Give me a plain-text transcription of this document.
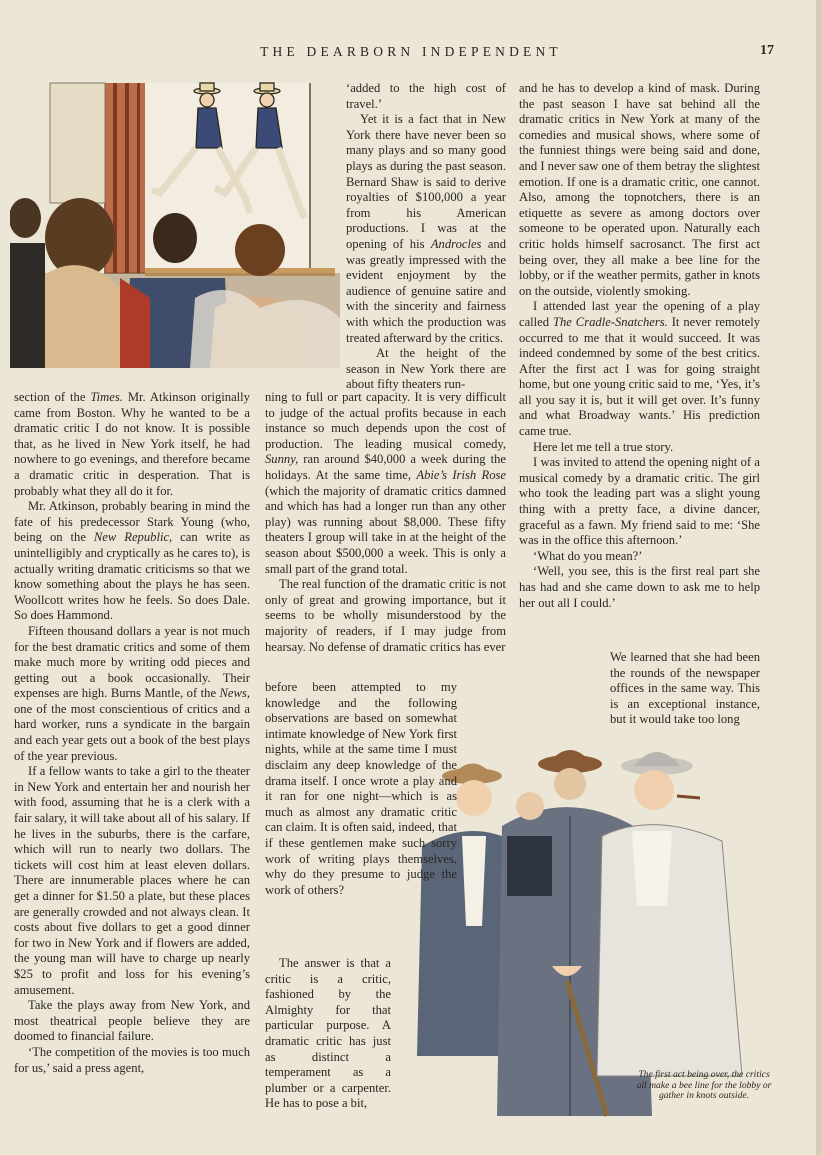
THE DEARBORN INDEPENDENT	17

‘added to the high cost of travel.’

Yet it is a fact that in New York there have never been so many plays and so many good plays as during the past season. Bernard Shaw is said to derive royalties of $100,000 a year from his American productions. I was at the opening of his Androcles and was greatly impressed with the evident enjoyment by the audience of genuine satire and with the sincerity and fairness with which the production was treated afterward by the critics.

At the height of the season in New York there are about fifty theaters run-

section of the Times. Mr. Atkinson originally came from Boston. Why he wanted to be a dramatic critic I do not know. It is possible that, as he lived in New York itself, he had nowhere to go evenings, and therefore became a dramatic critic in desperation. That is probably what they all do it for.

Mr. Atkinson, probably bearing in mind the fate of his predecessor Stark Young (who, being on the New Republic, can write as unintelligibly and cryptically as he cares to), is actually writing dramatic criticisms so that we know something about the plays he has seen. Woollcott writes how he feels. So does Dale. So does Hammond.

Fifteen thousand dollars a year is not much for the best dramatic critics and some of them make much more by writing odd pieces and getting out a book occasionally. Their expenses are high. Burns Mantle, of the News, one of the most conscientious of critics and a hard worker, runs a syndicate in the bargain and each year gets out a book of the best plays of the year previous.

If a fellow wants to take a girl to the theater in New York and entertain her and nourish her with food, assuming that he is a clerk with a fair salary, it will take about all of his salary. If he lives in the suburbs, there is the carfare, which will run to nearly two dollars. The tickets will cost him at least eleven dollars. There are innumerable places where he can get a dinner for $1.50 a plate, but these places are generally crowded and not always clean. It costs about five dollars to get a good dinner for two in New York and if flowers are added, the young man will have to charge up nearly $25 to profit and loss for his evening’s amusement.

Take the plays away from New York, and most theatrical people believe they are doomed to financial failure.

‘The competition of the movies is too much for us,’ said a press agent,

ning to full or part capacity. It is very difficult to judge of the actual profits because in each instance so much depends upon the cost of production. The leading musical comedy, Sunny, ran around $40,000 a week during the holidays. At the same time, Abie’s Irish Rose (which the majority of dramatic critics damned and which has had a longer run than any other play) was running about $8,000. These fifty theaters I group will take in at the height of the season about $500,000 a week. This is only a small part of the grand total.

The real function of the dramatic critic is not only of great and growing importance, but it seems to be wholly misunderstood by the majority of readers, if I may judge from hearsay. No defense of dramatic critics has ever

before been attempted to my knowledge and the following observations are based on somewhat intimate knowledge of New York first nights, while at the same time I must disclaim any deep knowledge of the drama itself. I once wrote a play and it ran for one night—which is as much as almost any dramatic critic can claim. It is often said, indeed, that if these gentlemen make such sorry work of writing plays themselves, why do they presume to judge the work of others?

The answer is that a critic is a critic, fashioned by the Almighty for that particular purpose. A dramatic critic has just as distinct a temperament as a plumber or a carpenter. He has to pose a bit,

and he has to develop a kind of mask. During the past season I have sat behind all the dramatic critics in New York at many of the comedies and musical shows, where some of the funniest things were being said and done, and I never saw one of them betray the slightest emotion. If one is a dramatic critic, one cannot. Also, among the topnotchers, there is an etiquette as severe as among doctors over someone to be operated upon. Naturally each critic holds himself sacrosanct. The first act being over, they all make a bee line for the lobby, or if the weather permits, gather in knots on the outside, violently smoking.

I attended last year the opening of a play called The Cradle-Snatchers. It never remotely occurred to me that it would succeed. It was indeed condemned by some of the best critics. After the first act I was for going straight home, but one young critic said to me, ‘Yes, it’s all you say it is, but it will get over. It’s funny and what Broadway wants.’ His prediction came true.

Here let me tell a true story.

I was invited to attend the opening night of a musical comedy by a dramatic critic. The girl who took the leading part was a slight young thing with a pretty face, a divine dancer, graceful as a fawn. My friend said to me: ‘She was in the office this afternoon.’

‘What do you mean?’

‘Well, you see, this is the first real part she has had and she came down to ask me to help her out all I could.’

We learned that she had been the rounds of the newspaper offices in the same way. This is an exceptional instance, but it would take too long

The first act being over, the critics all make a bee line for the lobby or gather in knots outside.
